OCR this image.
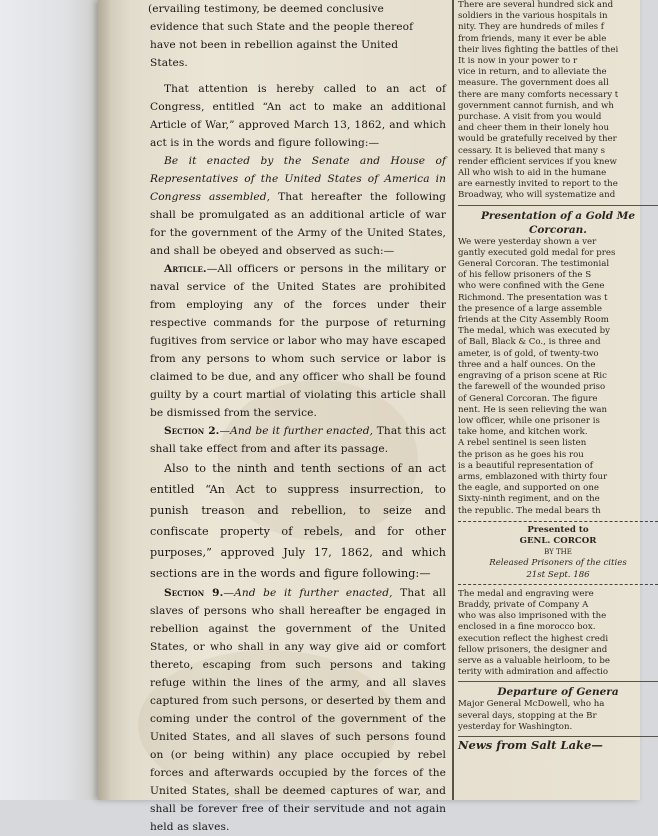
(ervailing testimony, be deemed conclusive

evidence that such State and the people thereof

have not been in rebellion against the United

States.

That attention is hereby called to an act of Congress, entitled “An act to make an additional Article of War,” approved March 13, 1862, and which act is in the words and figure following:—

Be it enacted by the Senate and House of Representatives of the United States of America in Congress assembled, That hereafter the following shall be promulgated as an additional article of war for the government of the Army of the United States, and shall be obeyed and observed as such:—

Article.—All officers or persons in the military or naval service of the United States are prohibited from employing any of the forces under their respective commands for the purpose of returning fugitives from service or labor who may have escaped from any persons to whom such service or labor is claimed to be due, and any officer who shall be found guilty by a court martial of violating this article shall be dismissed from the service.

Section 2.—And be it further enacted, That this act shall take effect from and after its passage.

Also to the ninth and tenth sections of an act entitled “An Act to suppress insurrection, to punish treason and rebellion, to seize and confiscate property of rebels, and for other purposes,” approved July 17, 1862, and which sections are in the words and figure following:—

Section 9.—And be it further enacted, That all slaves of persons who shall hereafter be engaged in rebellion against the government of the United States, or who shall in any way give aid or comfort thereto, escaping from such persons and taking refuge within the lines of the army, and all slaves captured from such persons, or deserted by them and coming under the control of the government of the United States, and all slaves of such persons found on (or being within) any place occupied by rebel forces and afterwards occupied by the forces of the United States, shall be deemed captures of war, and shall be forever free of their servitude and not again held as slaves.

There are several hundred sick and

soldiers in the various hospitals in

nity. They are hundreds of miles f

from friends, many it ever be able

their lives fighting the battles of thei

It is now in your power to r

vice in return, and to alleviate the

measure. The government does all

there are many comforts necessary t

government cannot furnish, and wh

purchase. A visit from you would

and cheer them in their lonely hou

would be gratefully received by ther

cessary. It is believed that many s

render efficient services if you knew

All who wish to aid in the humane

are earnestly invited to report to the

Broadway, who will systematize and

Presentation of a Gold Me

Corcoran.

We were yesterday shown a ver

gantly executed gold medal for pres

General Corcoran. The testimonial

of his fellow prisoners of the S

who were confined with the Gene

Richmond. The presentation was t

the presence of a large assemble

friends at the City Assembly Room

The medal, which was executed by

of Ball, Black & Co., is three and

ameter, is of gold, of twenty-two

three and a half ounces. On the

engraving of a prison scene at Ric

the farewell of the wounded priso

of General Corcoran. The figure

nent. He is seen relieving the wan

low officer, while one prisoner is

take home, and kitchen work.

A rebel sentinel is seen listen

the prison as he goes his rou

is a beautiful representation of

arms, emblazoned with thirty four

the eagle, and supported on one

Sixty-ninth regiment, and on the

the republic. The medal bears th

Presented to

GENL. CORCOR

BY THE

Released Prisoners of the cities

21st Sept. 186

The medal and engraving were

Braddy, private of Company A

who was also imprisoned with the

enclosed in a fine morocco box.

execution reflect the highest credi

fellow prisoners, the designer and

serve as a valuable heirloom, to be

terity with admiration and affectio

Departure of Genera

Major General McDowell, who ha

several days, stopping at the Br

yesterday for Washington.

News from Salt Lake—
